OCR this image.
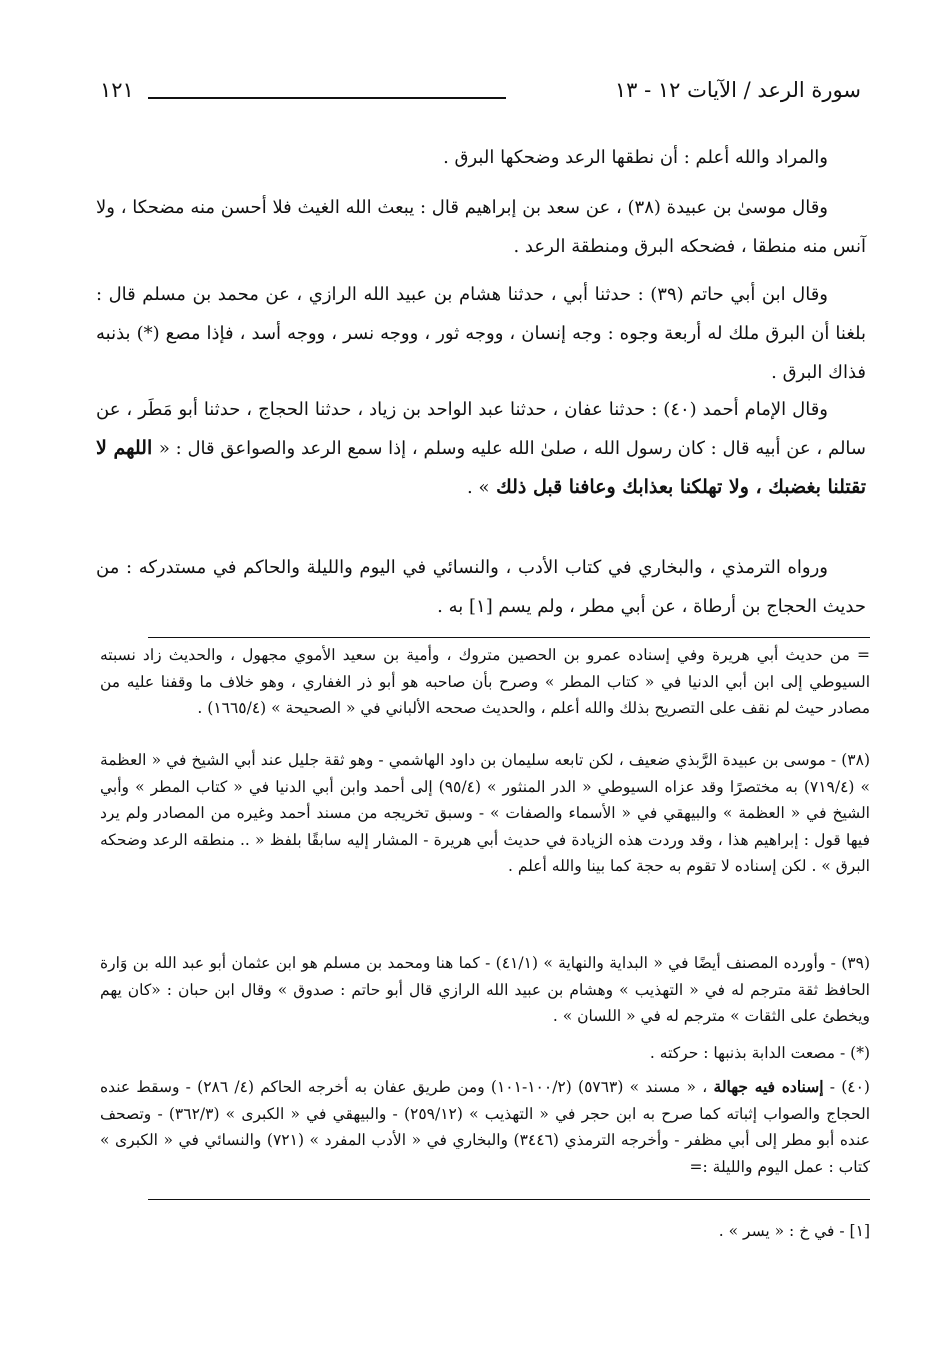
سورة الرعد / الآيات ١٢ - ١٣
١٢١

والمراد والله أعلم : أن نطقها الرعد وضحكها البرق .

وقال موسىٰ بن عبيدة (٣٨) ، عن سعد بن إبراهيم قال : يبعث الله الغيث فلا أحسن منه مضحكا ، ولا آنس منه منطقا ، فضحكه البرق ومنطقة الرعد .

وقال ابن أبي حاتم (٣٩) : حدثنا أبي ، حدثنا هشام بن عبيد الله الرازي ، عن محمد بن مسلم قال : بلغنا أن البرق ملك له أربعة وجوه : وجه إنسان ، ووجه ثور ، ووجه نسر ، ووجه أسد ، فإذا مصع (*) بذنبه فذاك البرق .

وقال الإمام أحمد (٤٠) : حدثنا عفان ، حدثنا عبد الواحد بن زياد ، حدثنا الحجاج ، حدثنا أبو مَطَر ، عن سالم ، عن أبيه قال : كان رسول الله ، صلىٰ الله عليه وسلم ، إذا سمع الرعد والصواعق قال : « اللهم لا تقتلنا بغضبك ، ولا تهلكنا بعذابك وعافنا قبل ذلك » .

ورواه الترمذي ، والبخاري في كتاب الأدب ، والنسائي في اليوم والليلة والحاكم في مستدركه : من حديث الحجاج بن أرطاة ، عن أبي مطر ، ولم يسم [١] به .

= من حديث أبي هريرة وفي إسناده عمرو بن الحصين متروك ، وأمية بن سعيد الأموي مجهول ، والحديث زاد نسبته السيوطي إلى ابن أبي الدنيا في « كتاب المطر » وصرح بأن صاحبه هو أبو ذر الغفاري ، وهو خلاف ما وقفنا عليه من مصادر حيث لم نقف على التصريح بذلك والله أعلم ، والحديث صححه الألباني في « الصحيحة » (١٦٦٥/٤) .

(٣٨) - موسى بن عبيدة الرَّبذي ضعيف ، لكن تابعه سليمان بن داود الهاشمي - وهو ثقة جليل عند أبي الشيخ في « العظمة » (٧١٩/٤) به مختصرًا وقد عزاه السيوطي « الدر المنثور » (٩٥/٤) إلى أحمد وابن أبي الدنيا في « كتاب المطر » وأبي الشيخ في « العظمة » والبيهقي في « الأسماء والصفات » - وسبق تخريجه من مسند أحمد وغيره من المصادر ولم يرد فيها قول : إبراهيم هذا ، وقد وردت هذه الزيادة في حديث أبي هريرة - المشار إليه سابقًا بلفظ « .. منطقه الرعد وضحكه البرق » . لكن إسناده لا تقوم به حجة كما بينا والله أعلم .

(٣٩) - وأورده المصنف أيضًا في « البداية والنهاية » (٤١/١) - كما هنا ومحمد بن مسلم هو ابن عثمان أبو عبد الله بن وَارة الحافظ ثقة مترجم له في « التهذيب » وهشام بن عبيد الله الرازي قال أبو حاتم : صدوق » وقال ابن حبان : «كان يهم ويخطئ على الثقات » مترجم له في « اللسان » .

(*) - مصعت الدابة بذنبها : حركته .

(٤٠) - إسناده فيه جهالة ، « مسند » (٥٧٦٣) (١٠٠/٢-١٠١) ومن طريق عفان به أخرجه الحاكم (٤/ ٢٨٦) - وسقط عنده الحجاج والصواب إثباته كما صرح به ابن حجر في « التهذيب » (٢٥٩/١٢) - والبيهقي في « الكبرى » (٣٦٢/٣) - وتصحف عنده أبو مطر إلى أبي مظفر - وأخرجه الترمذي (٣٤٤٦) والبخاري في « الأدب المفرد » (٧٢١) والنسائي في « الكبرى » كتاب : عمل اليوم والليلة :=

[١] - في خ : « يسر » .
